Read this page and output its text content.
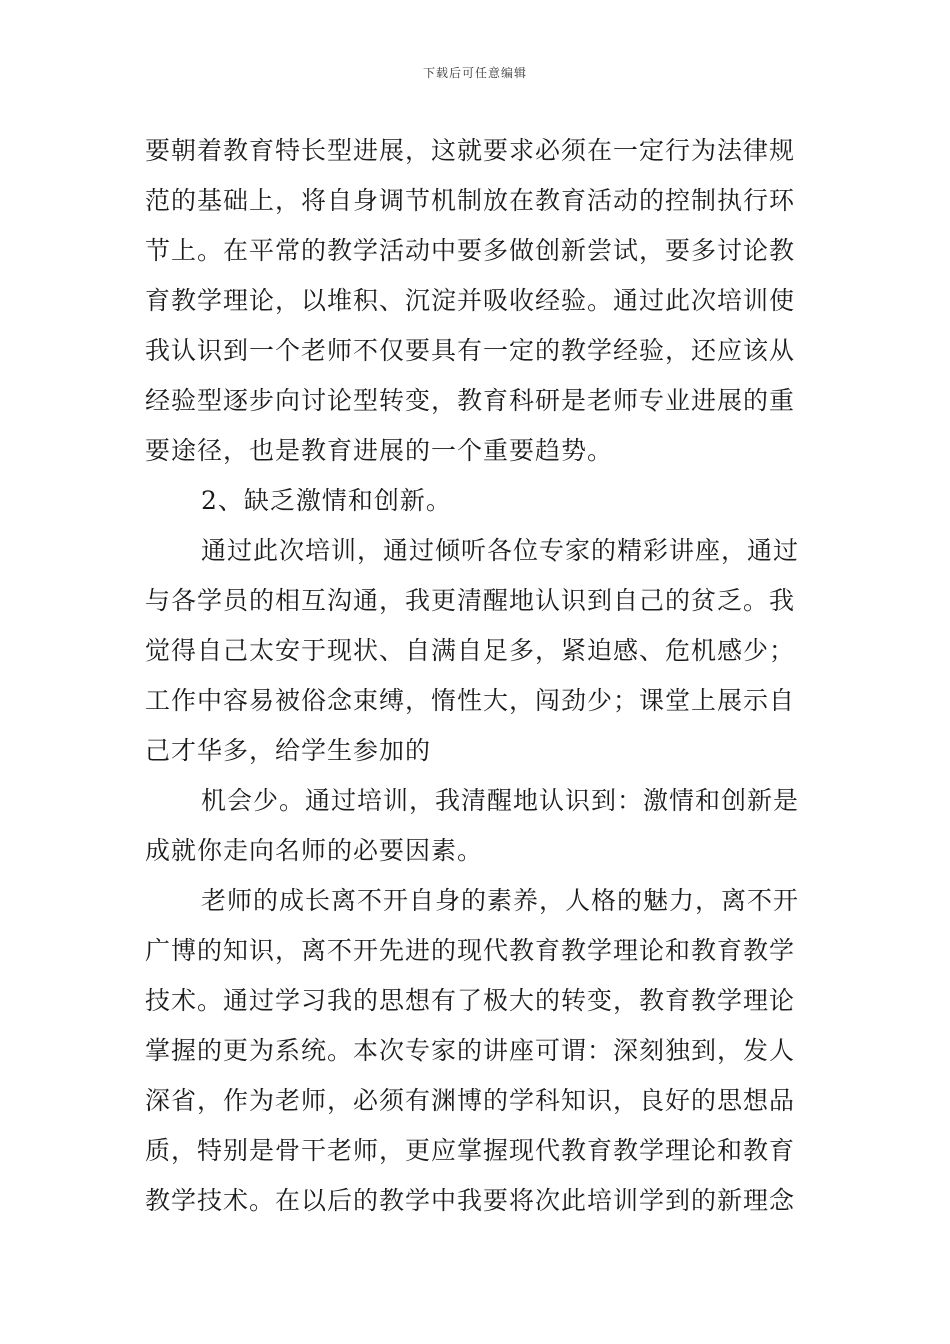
下载后可任意编辑
要朝着教育特长型进展，这就要求必须在一定行为法律规
范的基础上，将自身调节机制放在教育活动的控制执行环
节上。在平常的教学活动中要多做创新尝试，要多讨论教
育教学理论，以堆积、沉淀并吸收经验。通过此次培训使
我认识到一个老师不仅要具有一定的教学经验，还应该从
经验型逐步向讨论型转变，教育科研是老师专业进展的重
要途径，也是教育进展的一个重要趋势。
2、缺乏激情和创新。
通过此次培训，通过倾听各位专家的精彩讲座，通过
与各学员的相互沟通，我更清醒地认识到自己的贫乏。我
觉得自己太安于现状、自满自足多，紧迫感、危机感少；
工作中容易被俗念束缚，惰性大，闯劲少；课堂上展示自
己才华多，给学生参加的
机会少。通过培训，我清醒地认识到：激情和创新是
成就你走向名师的必要因素。
老师的成长离不开自身的素养，人格的魅力，离不开
广博的知识，离不开先进的现代教育教学理论和教育教学
技术。通过学习我的思想有了极大的转变，教育教学理论
掌握的更为系统。本次专家的讲座可谓：深刻独到，发人
深省，作为老师，必须有渊博的学科知识，良好的思想品
质，特别是骨干老师，更应掌握现代教育教学理论和教育
教学技术。在以后的教学中我要将次此培训学到的新理念
